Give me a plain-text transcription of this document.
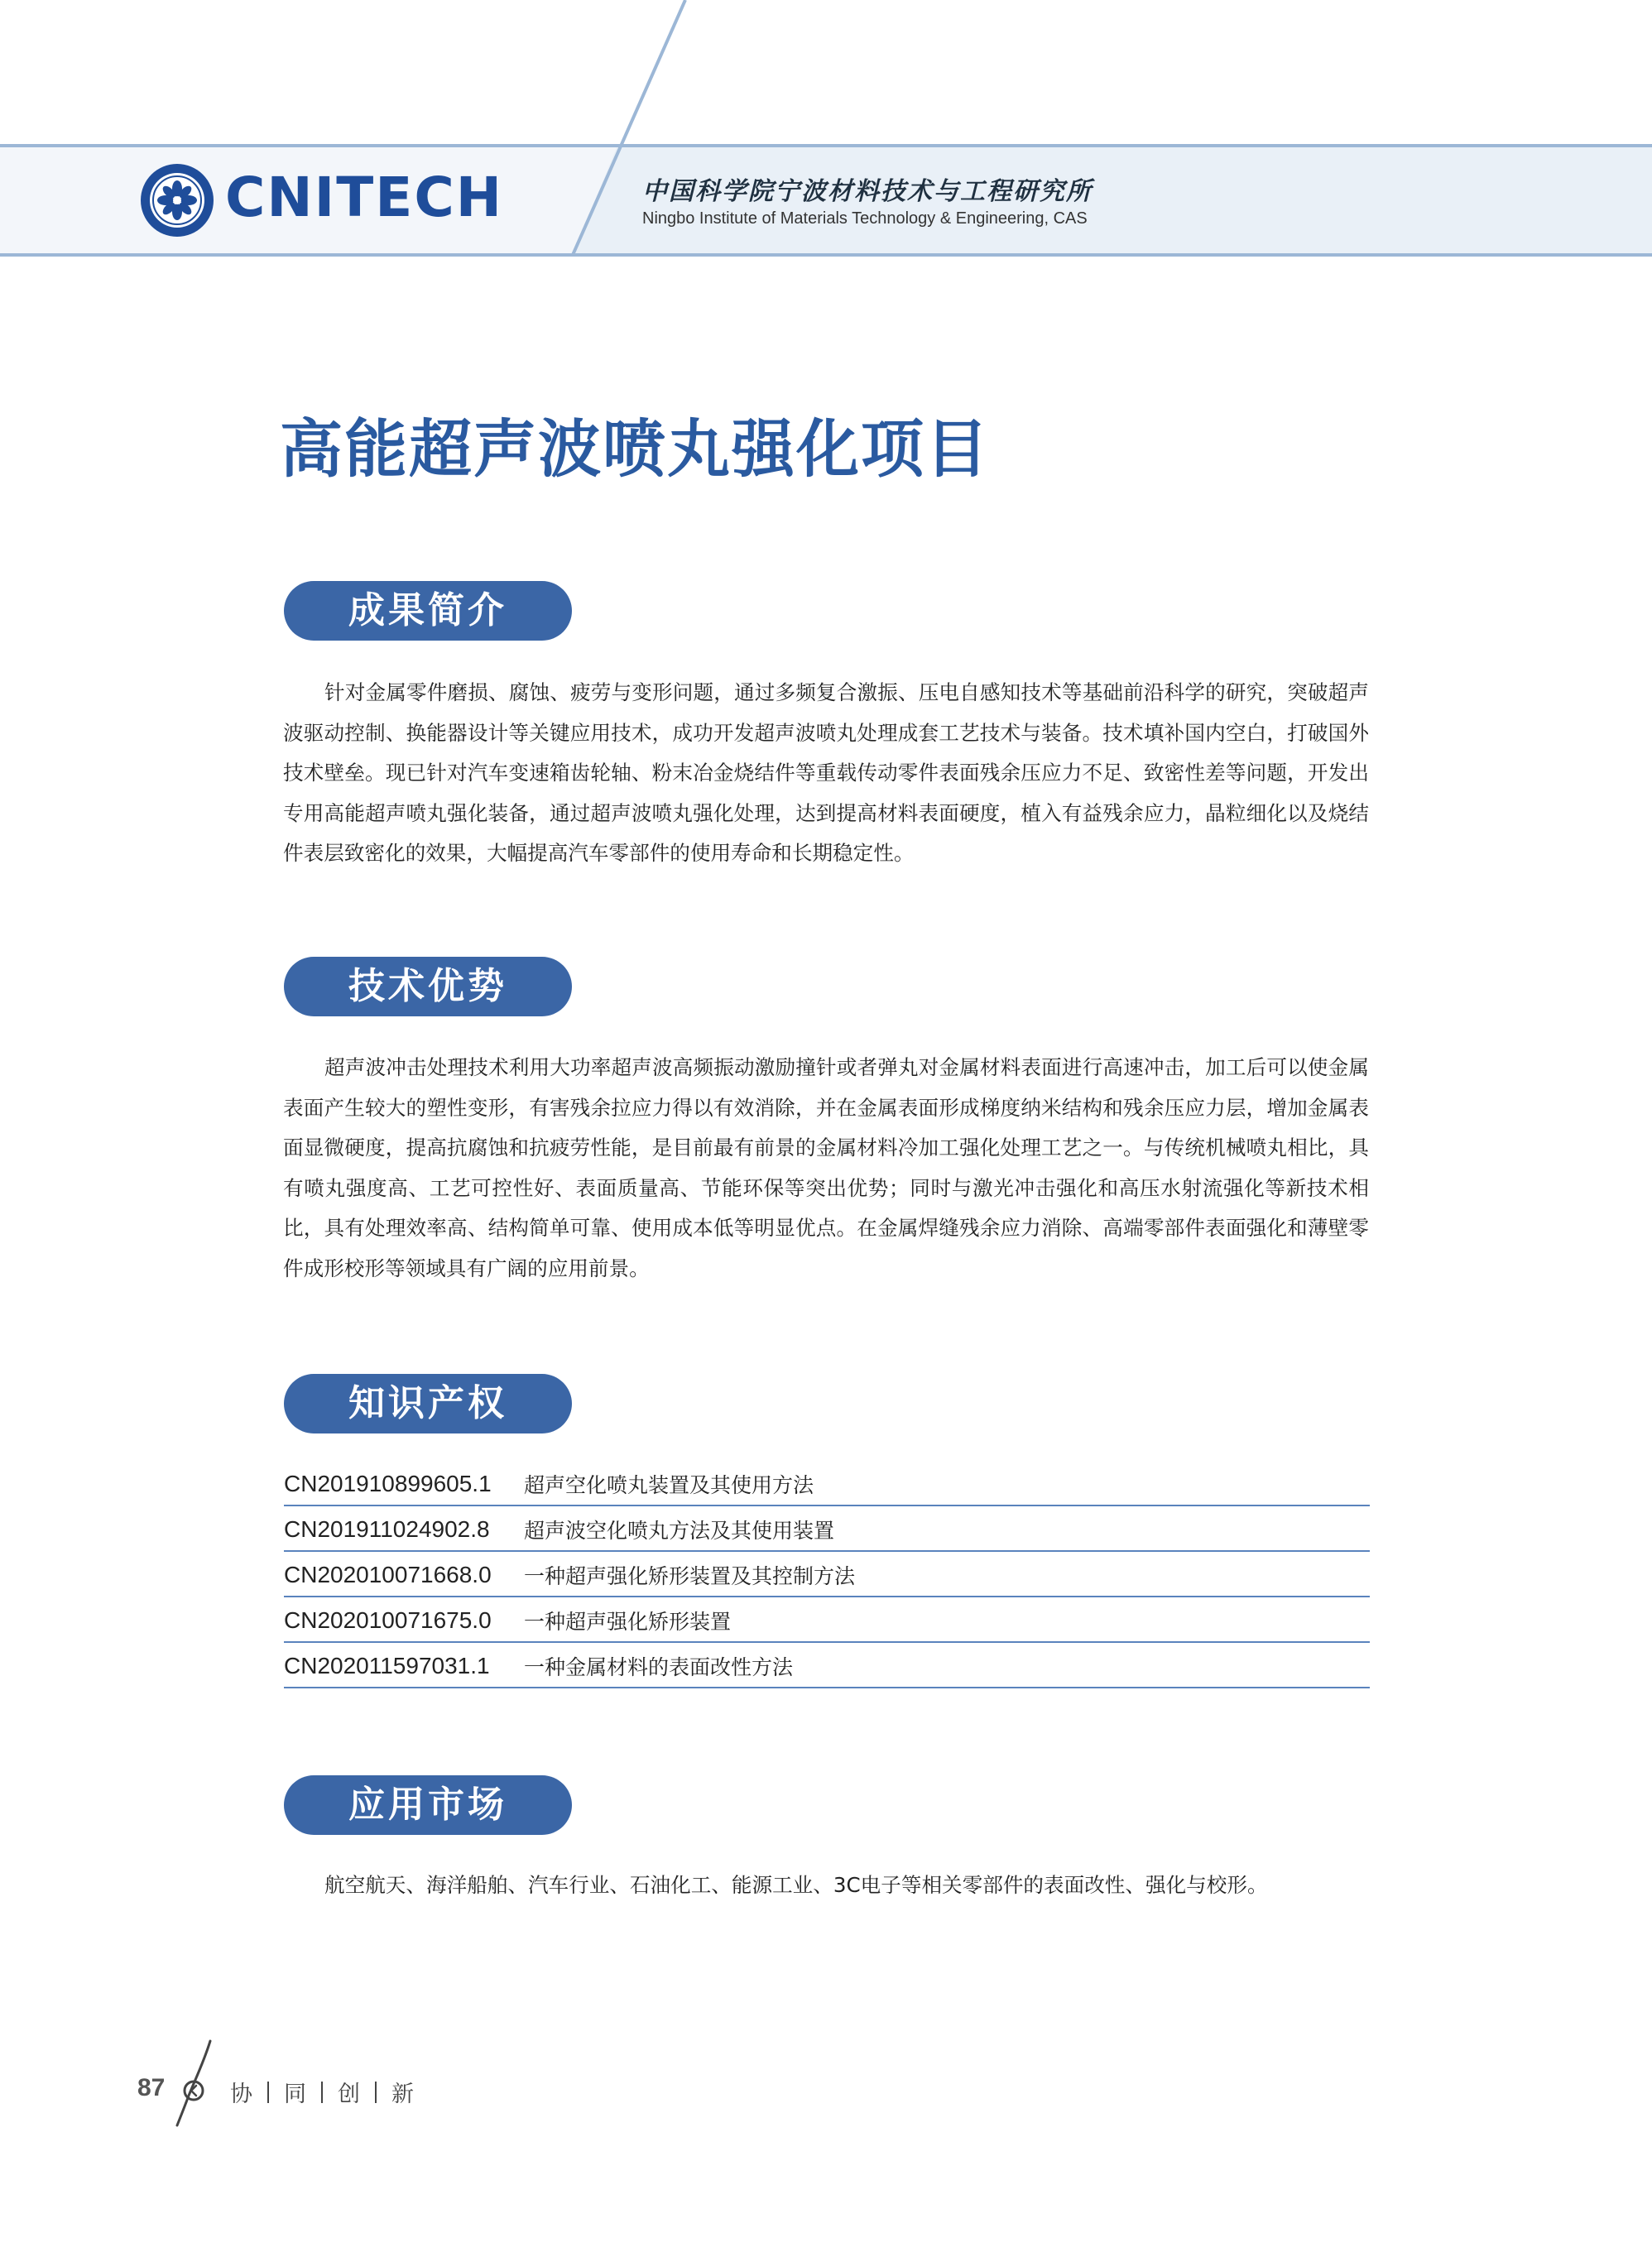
CNITECH	中国科学院宁波材料技术与工程研究所
Ningbo Institute of Materials Technology & Engineering, CAS
高能超声波喷丸强化项目
成果简介

针对金属零件磨损、腐蚀、疲劳与变形问题，通过多频复合激振、压电自感知技术等基础前沿科学的研究，突破超声波驱动控制、换能器设计等关键应用技术，成功开发超声波喷丸处理成套工艺技术与装备。技术填补国内空白，打破国外技术壁垒。现已针对汽车变速箱齿轮轴、粉末冶金烧结件等重载传动零件表面残余压应力不足、致密性差等问题，开发出专用高能超声喷丸强化装备，通过超声波喷丸强化处理，达到提高材料表面硬度，植入有益残余应力，晶粒细化以及烧结件表层致密化的效果，大幅提高汽车零部件的使用寿命和长期稳定性。

技术优势

超声波冲击处理技术利用大功率超声波高频振动激励撞针或者弹丸对金属材料表面进行高速冲击，加工后可以使金属表面产生较大的塑性变形，有害残余拉应力得以有效消除，并在金属表面形成梯度纳米结构和残余压应力层，增加金属表面显微硬度，提高抗腐蚀和抗疲劳性能，是目前最有前景的金属材料冷加工强化处理工艺之一。与传统机械喷丸相比，具有喷丸强度高、工艺可控性好、表面质量高、节能环保等突出优势；同时与激光冲击强化和高压水射流强化等新技术相比，具有处理效率高、结构简单可靠、使用成本低等明显优点。在金属焊缝残余应力消除、高端零部件表面强化和薄壁零件成形校形等领域具有广阔的应用前景。

知识产权
CN201910899605.1	超声空化喷丸装置及其使用方法
CN201911024902.8	超声波空化喷丸方法及其使用装置
CN202010071668.0	一种超声强化矫形装置及其控制方法
CN202010071675.0	一种超声强化矫形装置
CN202011597031.1	一种金属材料的表面改性方法
应用市场

航空航天、海洋船舶、汽车行业、石油化工、能源工业、3C电子等相关零部件的表面改性、强化与校形。

87	协 同 创 新
